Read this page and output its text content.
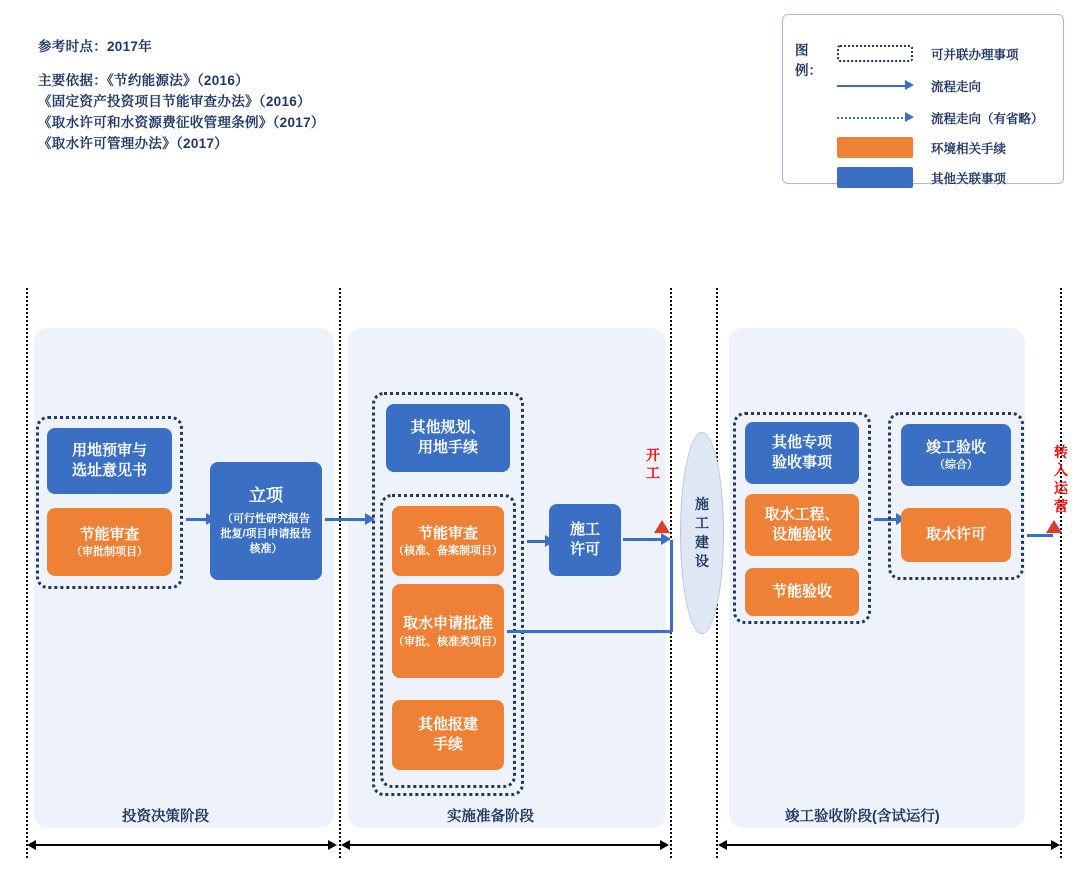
参考时点：2017年
主要依据：《节约能源法》（2016）
《固定资产投资项目节能审查办法》（2016）
《取水许可和水资源费征收管理条例》（2017）
《取水许可管理办法》（2017）
图例：
可并联办理事项
流程走向
流程走向（有省略）
环境相关手续
其他关联事项
用地预审与
选址意见书
节能审查
（审批制项目）
立项
（可行性研究报告批复/项目申请报告核准）
其他规划、
用地手续
节能审查
（核准、备案制项目）
取水申请批准
（审批、核准类项目）
其他报建
手续
施工
许可
施工建设
开工
其他专项
验收事项
取水工程、
设施验收
节能验收
竣工验收
（综合）
取水许可
转入运营
投资决策阶段	实施准备阶段	竣工验收阶段(含试运行)
